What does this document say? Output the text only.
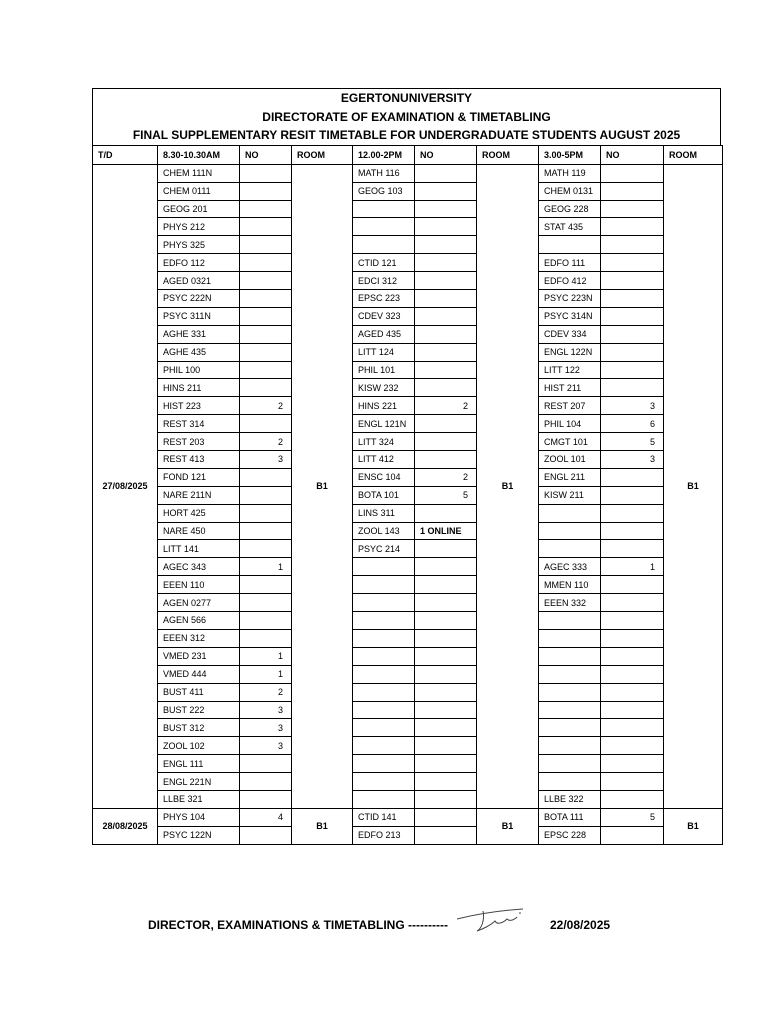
EGERTONUNIVERSITY
DIRECTORATE OF EXAMINATION & TIMETABLING
FINAL SUPPLEMENTARY RESIT TIMETABLE FOR UNDERGRADUATE STUDENTS AUGUST 2025
T/D	8.30-10.30AM	NO	ROOM	12.00-2PM	NO	ROOM	3.00-5PM	NO	ROOM
27/08/2025	CHEM 111N		B1	MATH 116		B1	MATH 119		B1
	CHEM 0111			GEOG 103			CHEM 0131		
	GEOG 201						GEOG 228		
	PHYS 212						STAT 435		
	PHYS 325								
	EDFO 112			CTID 121			EDFO 111		
	AGED 0321			EDCI 312			EDFO 412		
	PSYC 222N			EPSC 223			PSYC 223N		
	PSYC 311N			CDEV 323			PSYC 314N		
	AGHE 331			AGED 435			CDEV 334		
	AGHE 435			LITT 124			ENGL 122N		
	PHIL 100			PHIL 101			LITT 122		
	HINS 211			KISW 232			HIST 211		
	HIST 223	2		HINS 221	2		REST 207	3	
	REST 314			ENGL 121N			PHIL 104	6	
	REST 203	2		LITT 324			CMGT 101	5	
	REST 413	3		LITT 412			ZOOL 101	3	
	FOND 121			ENSC 104	2		ENGL 211		
	NARE 211N			BOTA 101	5		KISW 211		
	HORT 425			LINS 311					
	NARE 450			ZOOL 143	1 ONLINE				
	LITT 141			PSYC 214					
	AGEC 343	1					AGEC 333	1	
	EEEN 110						MMEN 110		
	AGEN 0277						EEEN 332		
	AGEN 566								
	EEEN 312								
	VMED 231	1							
	VMED 444	1							
	BUST 411	2							
	BUST 222	3							
	BUST 312	3							
	ZOOL 102	3							
	ENGL 111								
	ENGL 221N								
	LLBE 321						LLBE 322		
28/08/2025	PHYS 104	4	B1	CTID 141		B1	BOTA 111	5	B1
	PSYC 122N			EDFO 213			EPSC 228		
DIRECTOR, EXAMINATIONS & TIMETABLING ----------	22/08/2025
